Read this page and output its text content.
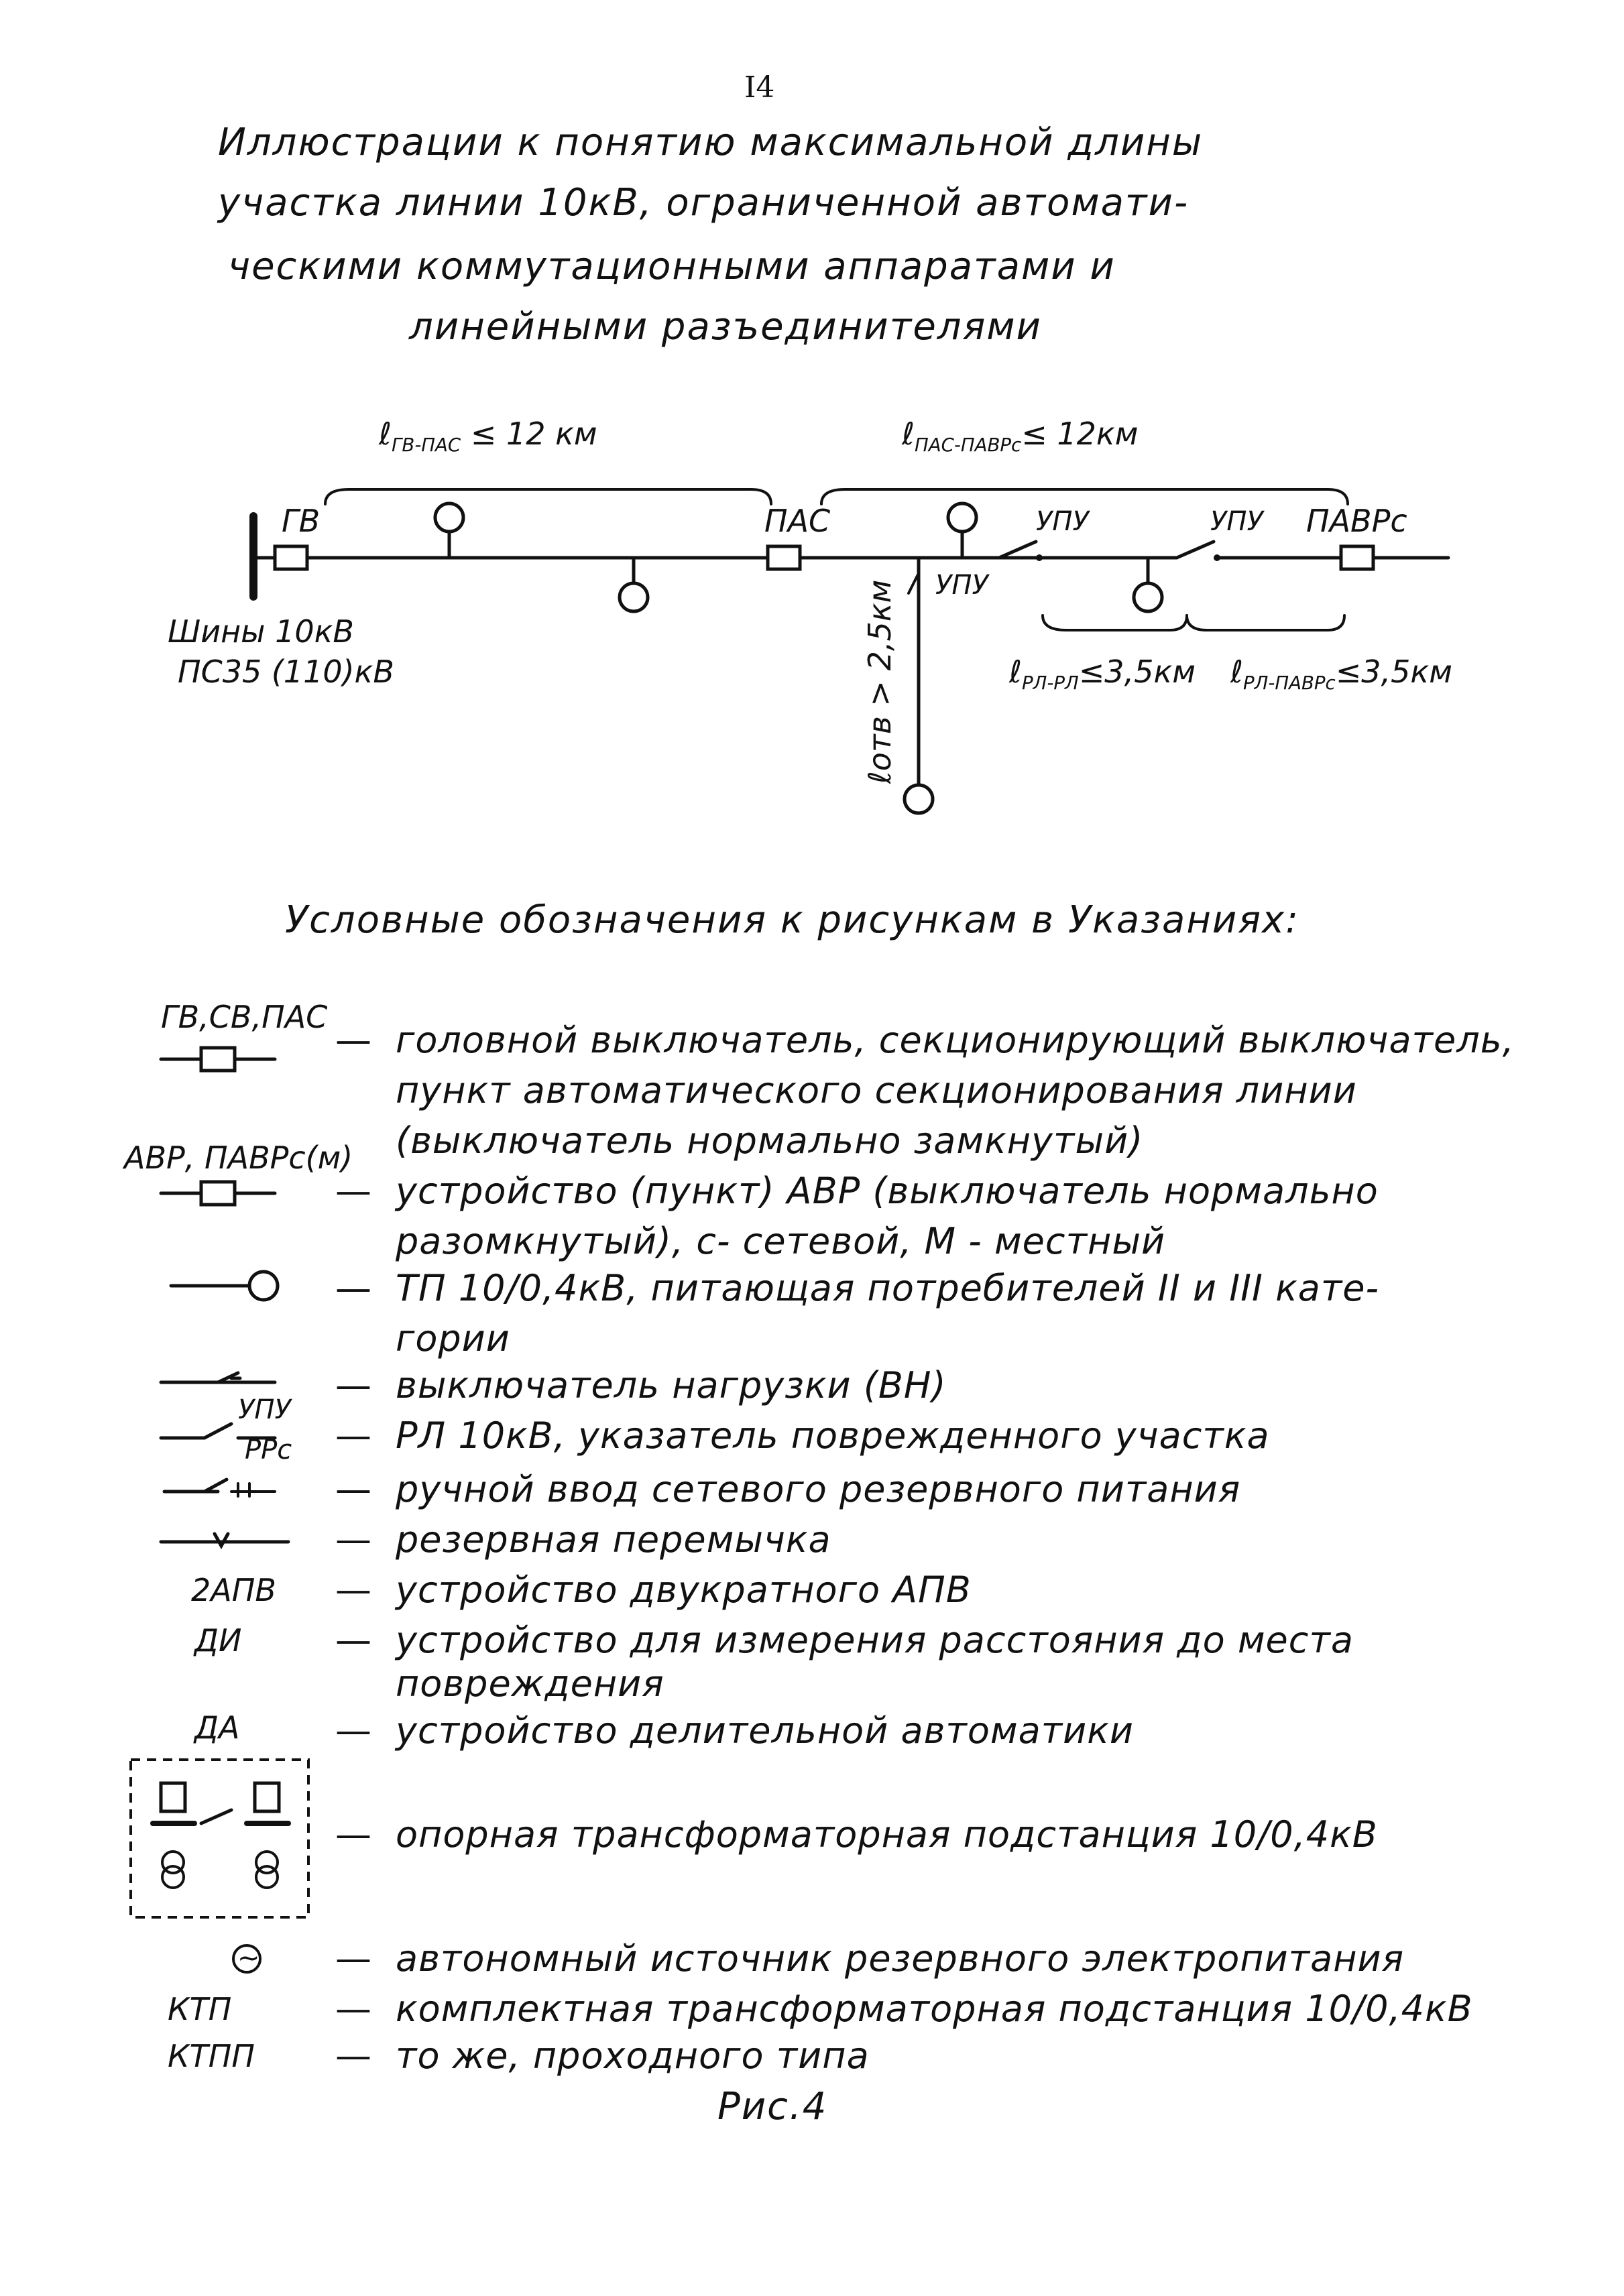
I4
Иллюстрации к понятию максимальной длины
участка линии 10кВ, ограниченной автомати-
ческими коммутационными аппаратами и
линейными разъединителями
ℓ$_{ГВ-ПАС}$ ≤ 12 км	ℓ$_{ПАС-ПАВРс}$≤ 12км
ГВ	ПАС	УПУ	УПУ
УПУ
ПАВРс
Шины 10кВ
ПС35 (110)кВ	ℓотв > 2,5км	ℓ$_{РЛ-РЛ}$≤3,5км ℓ$_{РЛ-ПАВРс}$≤3,5км
Условные обозначения к рисункам в Указаниях:
ГВ,СВ,ПАС
— головной выключатель, секционирующий выключатель,
пункт автоматического секционирования линии
(выключатель нормально замкнутый)
АВР, ПАВРс(м)
— устройство (пункт) АВР (выключатель нормально
разомкнутый), с- сетевой, М - местный
— ТП 10/0,4кВ, питающая потребителей II и III кате-
гории
— выключатель нагрузки (ВН)
УПУ
РРс — РЛ 10кВ, указатель поврежденного участка
— ручной ввод сетевого резервного питания
— резервная перемычка
2АПВ — устройство двукратного АПВ
ДИ	— устройство для измерения расстояния до места
повреждения
ДА	— устройство делительной автоматики
— опорная трансформаторная подстанция 10/0,4кВ
~ — автономный источник резервного электропитания
КТП	— комплектная трансформаторная подстанция 10/0,4кВ
КТПП — то же, проходного типа
Рис.4
